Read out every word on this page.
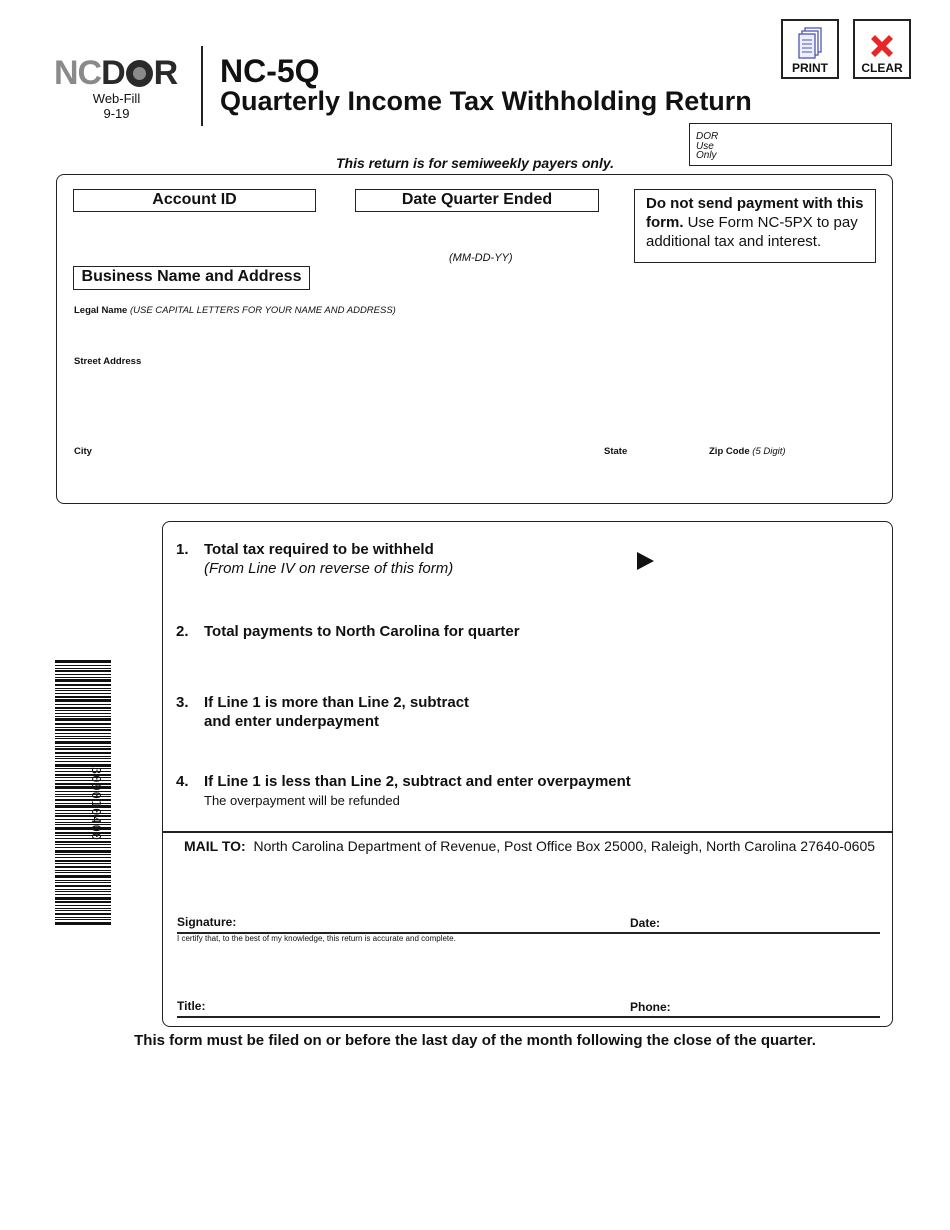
NC D R
Web-Fill
9-19
NC-5Q
Quarterly Income Tax Withholding Return
PRINT	CLEAR
DOR
Use
Only
This return is for semiweekly payers only.
Account ID	Date Quarter Ended
(MM-DD-YY)
Do not send payment with this form. Use Form NC-5PX to pay additional tax and interest.
Business Name and Address
Legal Name (USE CAPITAL LETTERS FOR YOUR NAME AND ADDRESS)
Street Address
City	State	Zip Code (5 Digit)
1. Total tax required to be withheld
(From Line IV on reverse of this form)
2. Total payments to North Carolina for quarter
3. If Line 1 is more than Line 2, subtract
and enter underpayment
4. If Line 1 is less than Line 2, subtract and enter overpayment
The overpayment will be refunded
MAIL TO: North Carolina Department of Revenue, Post Office Box 25000, Raleigh, North Carolina 27640-0605
Signature:	Date:
I certify that, to the best of my knowledge, this return is accurate and complete.
Title:	Phone:
This form must be filed on or before the last day of the month following the close of the quarter.
309010400
